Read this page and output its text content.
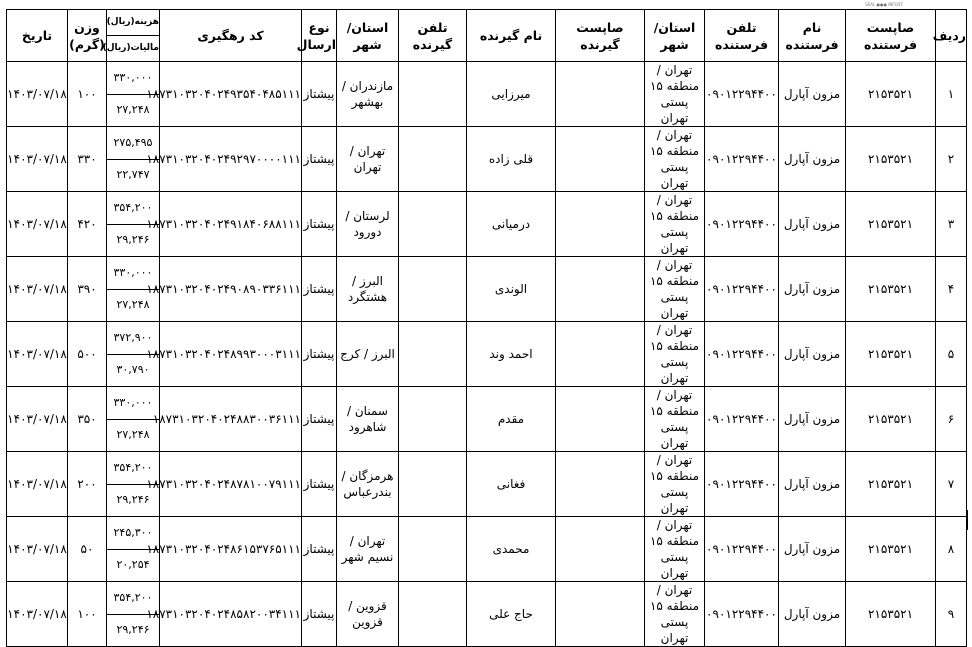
SEAL ●●● INFOST
ردیف	صاپست فرستنده	نام فرستنده	تلفن فرستنده	استان/ شهر	صاپست گیرنده	نام گیرنده	تلفن گیرنده	استان/ شهر	نوع ارسال	کد رهگیری	هزینه(ریال)	وزن (گرم)	تاریخ
											مالیات(ریال)		
۱	۲۱۵۳۵۲۱	مزون آپارل	۰۹۰۱۲۲۹۴۴۰۰	تهران /
منطقه ۱۵
پستی تهران		میرزایی		مازندران /
بهشهر	پیشتاز	۱۸۷۳۱۰۳۲۰۴۰۲۴۹۳۵۴۰۴۸۵۱۱۱	۳۳۰,۰۰۰	۱۰۰	۱۴۰۳/۰۷/۱۸
											۲۷,۲۴۸		
۲	۲۱۵۳۵۲۱	مزون آپارل	۰۹۰۱۲۲۹۴۴۰۰	تهران /
منطقه ۱۵
پستی تهران		قلی زاده		تهران /
تهران	پیشتاز	۱۸۷۳۱۰۳۲۰۴۰۲۴۹۲۹۷۰۰۰۰۱۱۱	۲۷۵,۴۹۵	۳۳۰	۱۴۰۳/۰۷/۱۸
											۲۲,۷۴۷		
۳	۲۱۵۳۵۲۱	مزون آپارل	۰۹۰۱۲۲۹۴۴۰۰	تهران /
منطقه ۱۵
پستی تهران		درمیانی		لرستان /
دورود	پیشتاز	۱۸۷۳۱۰۳۲۰۴۰۲۴۹۱۸۴۰۶۸۸۱۱۱	۳۵۴,۲۰۰	۴۲۰	۱۴۰۳/۰۷/۱۸
											۲۹,۲۴۶		
۴	۲۱۵۳۵۲۱	مزون آپارل	۰۹۰۱۲۲۹۴۴۰۰	تهران /
منطقه ۱۵
پستی تهران		الوندی		البرز /
هشتگرد	پیشتاز	۱۸۷۳۱۰۳۲۰۴۰۲۴۹۰۸۹۰۳۳۶۱۱۱	۳۳۰,۰۰۰	۳۹۰	۱۴۰۳/۰۷/۱۸
											۲۷,۲۴۸		
۵	۲۱۵۳۵۲۱	مزون آپارل	۰۹۰۱۲۲۹۴۴۰۰	تهران /
منطقه ۱۵
پستی تهران		احمد وند		البرز / کرج	پیشتاز	۱۸۷۳۱۰۳۲۰۴۰۲۴۸۹۹۳۰۰۰۳۱۱۱	۳۷۲,۹۰۰	۵۰۰	۱۴۰۳/۰۷/۱۸
											۳۰,۷۹۰		
۶	۲۱۵۳۵۲۱	مزون آپارل	۰۹۰۱۲۲۹۴۴۰۰	تهران /
منطقه ۱۵
پستی تهران		مقدم		سمنان /
شاهرود	پیشتاز	۱۸۷۳۱۰۳۲۰۴۰۲۴۸۸۳۰۰۳۶۱۱۱	۳۳۰,۰۰۰	۳۵۰	۱۴۰۳/۰۷/۱۸
											۲۷,۲۴۸		
۷	۲۱۵۳۵۲۱	مزون آپارل	۰۹۰۱۲۲۹۴۴۰۰	تهران /
منطقه ۱۵
پستی تهران		فغانی		هرمزگان /
بندرعباس	پیشتاز	۱۸۷۳۱۰۳۲۰۴۰۲۴۸۷۸۱۰۰۷۹۱۱۱	۳۵۴,۲۰۰	۲۰۰	۱۴۰۳/۰۷/۱۸
											۲۹,۲۴۶		
۸	۲۱۵۳۵۲۱	مزون آپارل	۰۹۰۱۲۲۹۴۴۰۰	تهران /
منطقه ۱۵
پستی تهران		محمدی		تهران /
نسیم شهر	پیشتاز	۱۸۷۳۱۰۳۲۰۴۰۲۴۸۶۱۵۳۷۶۵۱۱۱	۲۴۵,۳۰۰	۵۰	۱۴۰۳/۰۷/۱۸
											۲۰,۲۵۴		
۹	۲۱۵۳۵۲۱	مزون آپارل	۰۹۰۱۲۲۹۴۴۰۰	تهران /
منطقه ۱۵
پستی تهران		حاج علی		قزوین /
قزوین	پیشتاز	۱۸۷۳۱۰۳۲۰۴۰۲۴۸۵۸۲۰۰۳۴۱۱۱	۳۵۴,۲۰۰	۱۰۰	۱۴۰۳/۰۷/۱۸
											۲۹,۲۴۶		
